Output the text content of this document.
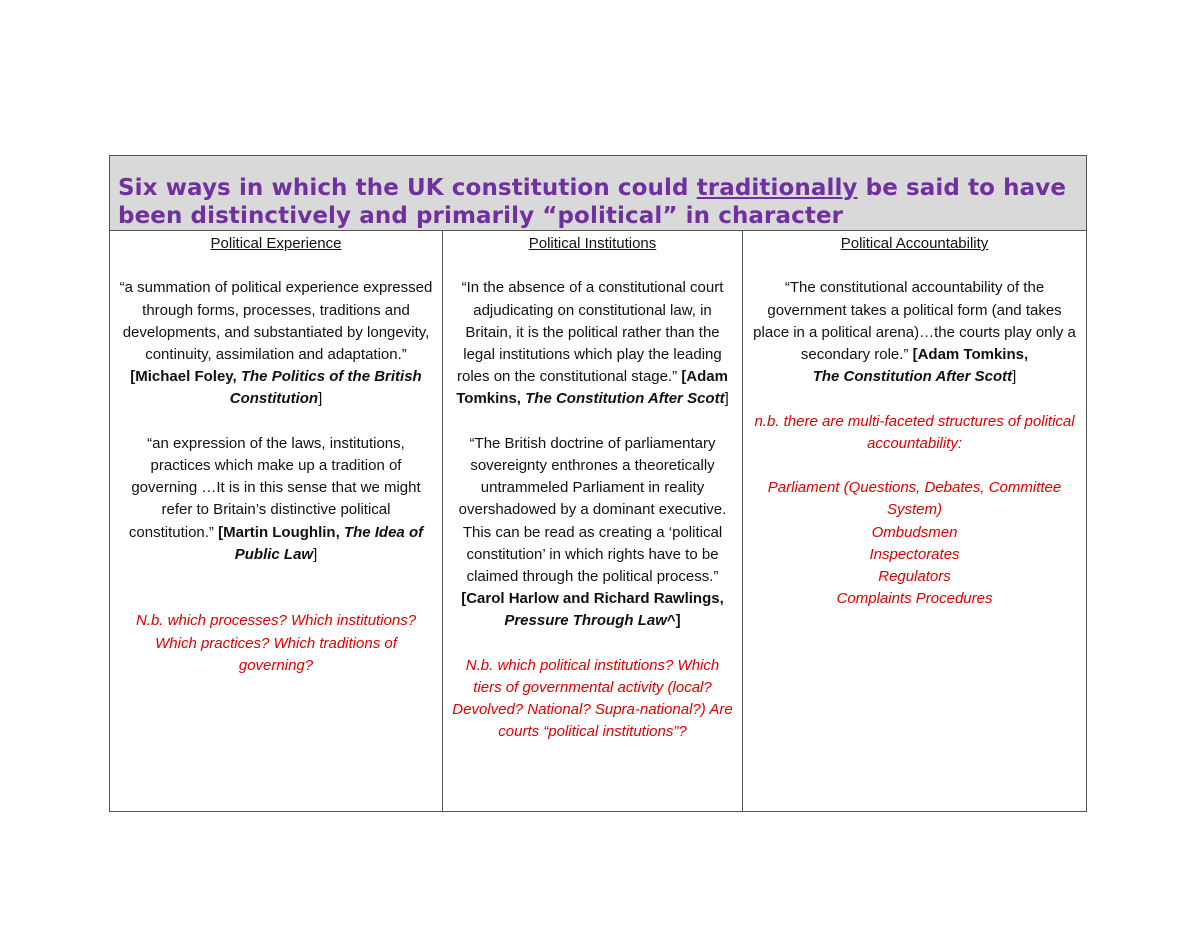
Six ways in which the UK constitution could traditionally be said to have been distinctively and primarily “political” in character

Political Experience

“a summation of political experience expressed through forms, processes, traditions and developments, and substantiated by longevity, continuity, assimilation and adaptation.” [Michael Foley, The Politics of the British Constitution]

“an expression of the laws, institutions, practices which make up a tradition of governing …It is in this sense that we might refer to Britain’s distinctive political constitution.” [Martin Loughlin, The Idea of Public Law]

N.b. which processes? Which institutions? Which practices? Which traditions of governing?

Political Institutions

“In the absence of a constitutional court adjudicating on constitutional law, in Britain, it is the political rather than the legal institutions which play the leading roles on the constitutional stage.” [Adam Tomkins, The Constitution After Scott]

“The British doctrine of parliamentary sovereignty enthrones a theoretically untrammeled Parliament in reality overshadowed by a dominant executive. This can be read as creating a ‘political constitution’ in which rights have to be claimed through the political process.” [Carol Harlow and Richard Rawlings, Pressure Through Law^]

N.b. which political institutions? Which tiers of governmental activity (local? Devolved? National? Supra-national?) Are courts “political institutions”?

Political Accountability

“The constitutional accountability of the government takes a political form (and takes place in a political arena)…the courts play only a secondary role.” [Adam Tomkins,
The Constitution After Scott]

n.b. there are multi-faceted structures of political accountability:

Parliament (Questions, Debates, Committee System)

Ombudsmen

Inspectorates

Regulators

Complaints Procedures
